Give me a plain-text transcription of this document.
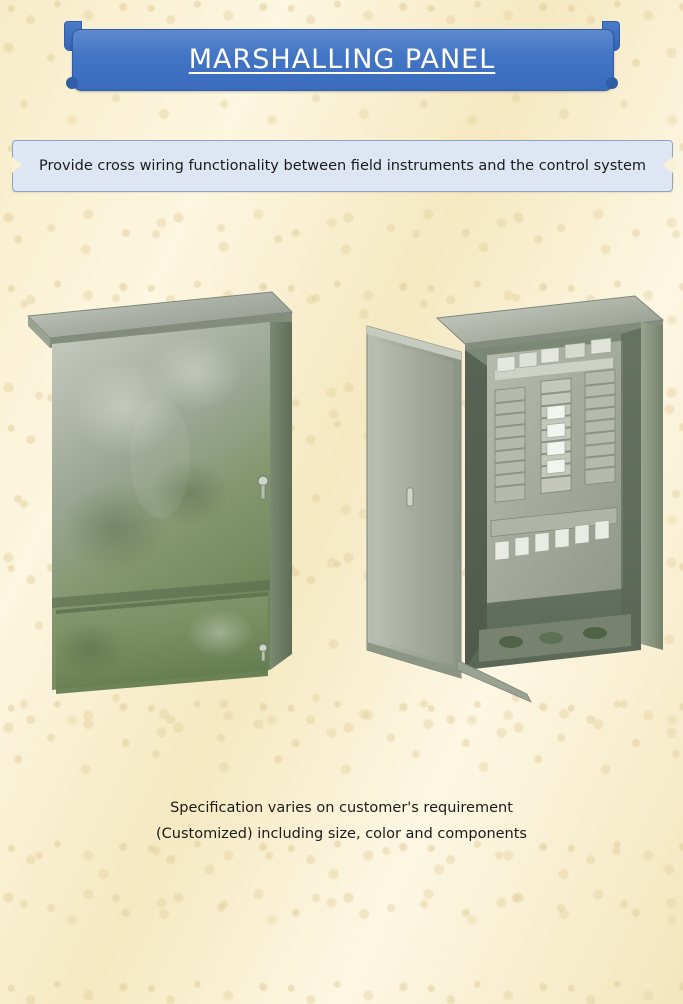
MARSHALLING PANEL
Provide cross wiring functionality between field instruments and the control system
Specification varies on customer's requirement
(Customized) including size, color and components
